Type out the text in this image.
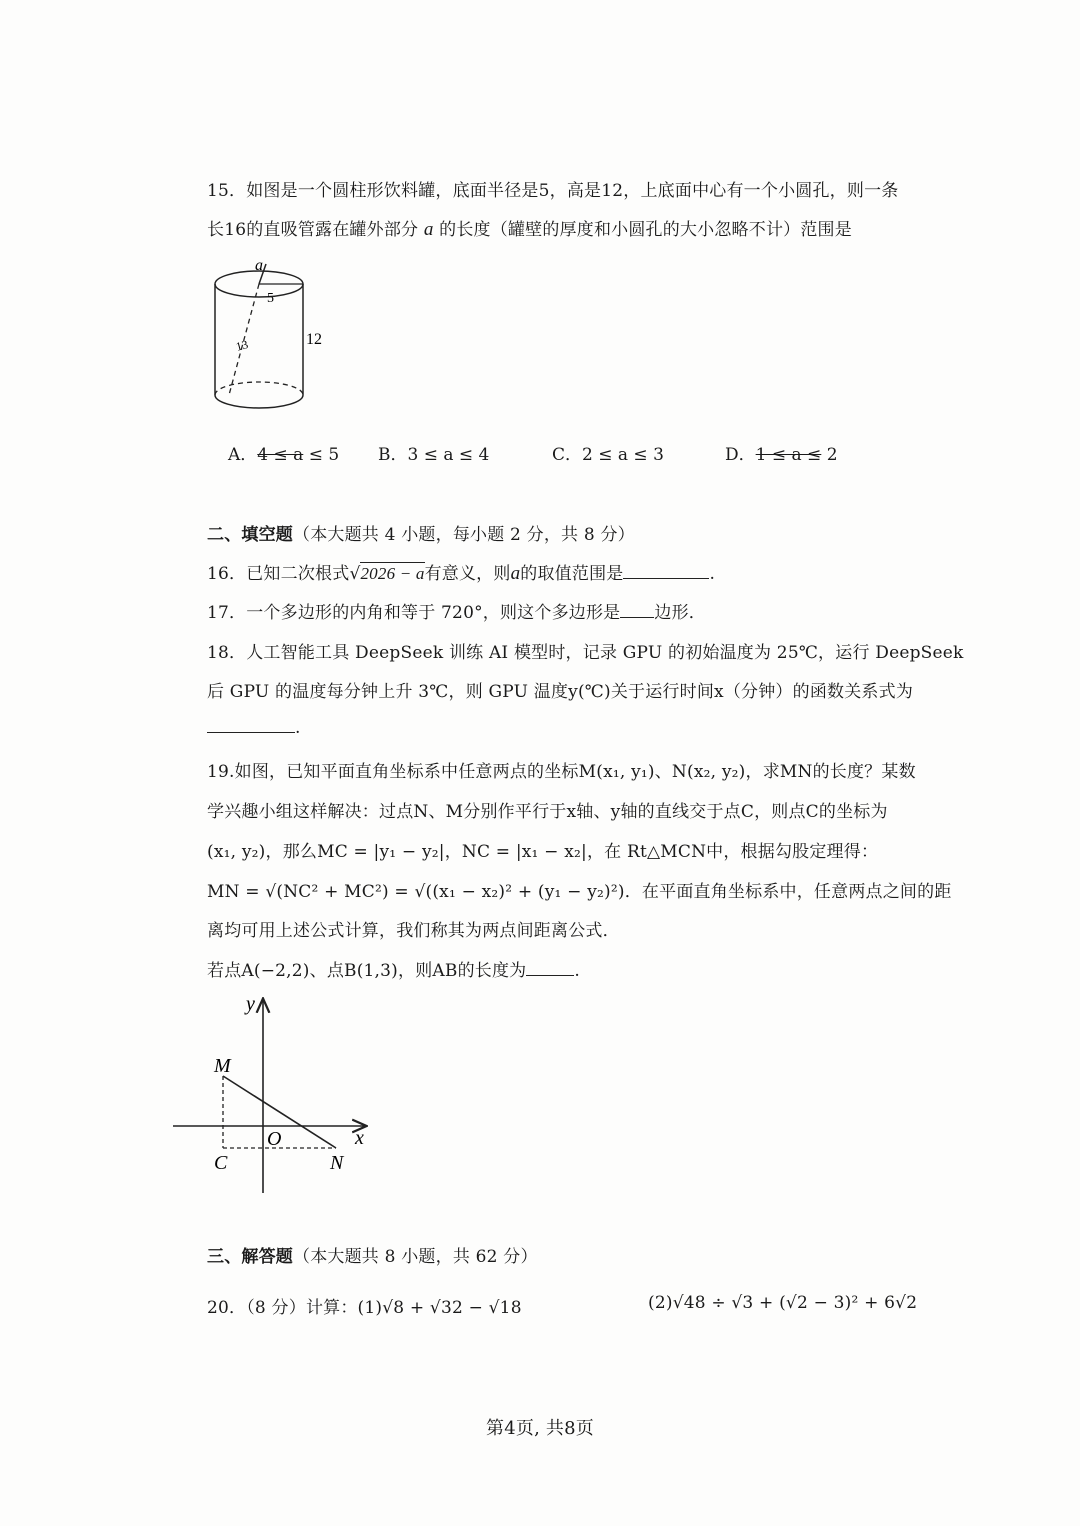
15．如图是一个圆柱形饮料罐，底面半径是5，高是12，上底面中心有一个小圆孔，则一条
长16的直吸管露在罐外部分 a 的长度（罐壁的厚度和小圆孔的大小忽略不计）范围是
a
5
12
13
A．4 ≤ a ≤ 5 B．3 ≤ a ≤ 4	C．2 ≤ a ≤ 3	D．1 ≤ a ≤ 2
二、填空题（本大题共 4 小题，每小题 2 分，共 8 分）
16．已知二次根式√2026 − a有意义，则a的取值范围是	.
17．一个多边形的内角和等于 720°，则这个多边形是 边形．
18．人工智能工具 DeepSeek 训练 AI 模型时，记录 GPU 的初始温度为 25℃，运行 DeepSeek
后 GPU 的温度每分钟上升 3℃，则 GPU 温度y(℃)关于运行时间x（分钟）的函数关系式为
.
19.如图，已知平面直角坐标系中任意两点的坐标M(x₁, y₁)、N(x₂, y₂)，求MN的长度？某数
学兴趣小组这样解决：过点N、M分别作平行于x轴、y轴的直线交于点C，则点C的坐标为
(x₁, y₂)，那么MC = |y₁ − y₂|，NC = |x₁ − x₂|，在 Rt△MCN中，根据勾股定理得：
MN = √(NC² + MC²) = √((x₁ − x₂)² + (y₁ − y₂)²)．在平面直角坐标系中，任意两点之间的距
离均可用上述公式计算，我们称其为两点间距离公式．
若点A(−2,2)、点B(1,3)，则AB的长度为	.
y
x
M
O
C	N
三、解答题（本大题共 8 小题，共 62 分）
20．（8 分）计算：(1)√8 + √32 − √18	(2)√48 ÷ √3 + (√2 − 3)² + 6√2
第4页, 共8页
